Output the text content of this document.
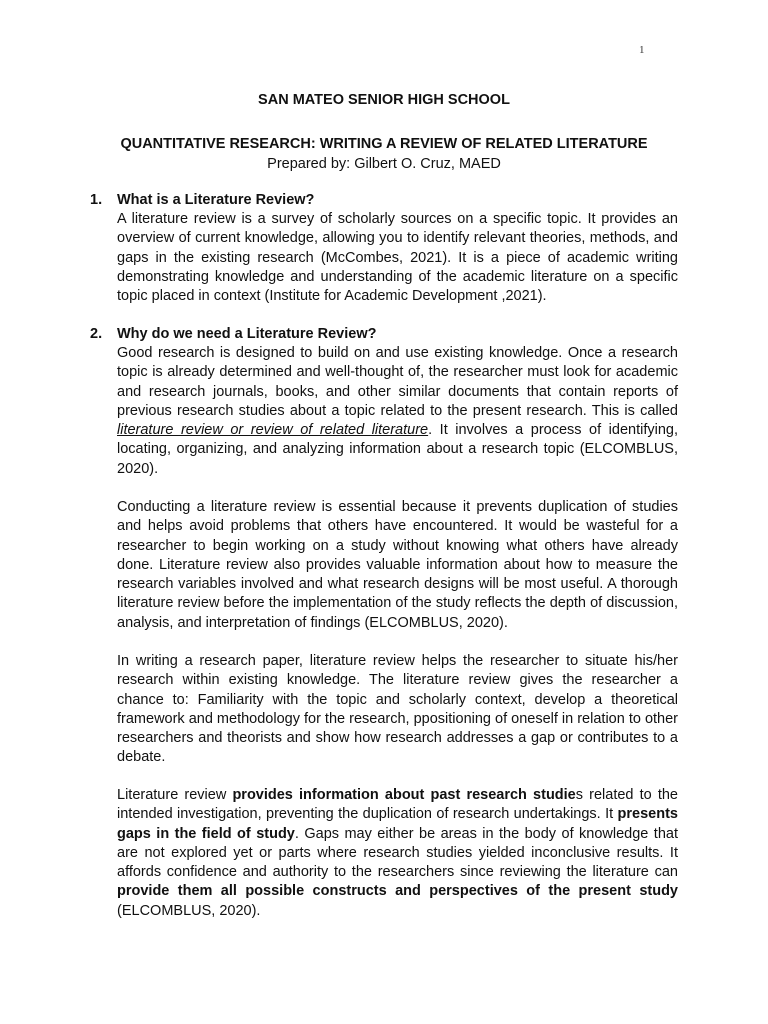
1
SAN MATEO SENIOR HIGH SCHOOL
QUANTITATIVE RESEARCH: WRITING A REVIEW OF RELATED LITERATURE
Prepared by: Gilbert O. Cruz, MAED
1. What is a Literature Review?
A literature review is a survey of scholarly sources on a specific topic. It provides an overview of current knowledge, allowing you to identify relevant theories, methods, and gaps in the existing research (McCombes, 2021). It is a piece of academic writing demonstrating knowledge and understanding of the academic literature on a specific topic placed in context (Institute for Academic Development ,2021).
2. Why do we need a Literature Review?
Good research is designed to build on and use existing knowledge. Once a research topic is already determined and well-thought of, the researcher must look for academic and research journals, books, and other similar documents that contain reports of previous research studies about a topic related to the present research. This is called literature review or review of related literature. It involves a process of identifying, locating, organizing, and analyzing information about a research topic (ELCOMBLUS, 2020).
Conducting a literature review is essential because it prevents duplication of studies and helps avoid problems that others have encountered. It would be wasteful for a researcher to begin working on a study without knowing what others have already done. Literature review also provides valuable information about how to measure the research variables involved and what research designs will be most useful. A thorough literature review before the implementation of the study reflects the depth of discussion, analysis, and interpretation of findings (ELCOMBLUS, 2020).
In writing a research paper, literature review helps the researcher to situate his/her research within existing knowledge. The literature review gives the researcher a chance to: Familiarity with the topic and scholarly context, develop a theoretical framework and methodology for the research, ppositioning of oneself in relation to other researchers and theorists and show how research addresses a gap or contributes to a debate.
Literature review provides information about past research studies related to the intended investigation, preventing the duplication of research undertakings. It presents gaps in the field of study. Gaps may either be areas in the body of knowledge that are not explored yet or parts where research studies yielded inconclusive results. It affords confidence and authority to the researchers since reviewing the literature can provide them all possible constructs and perspectives of the present study (ELCOMBLUS, 2020).
